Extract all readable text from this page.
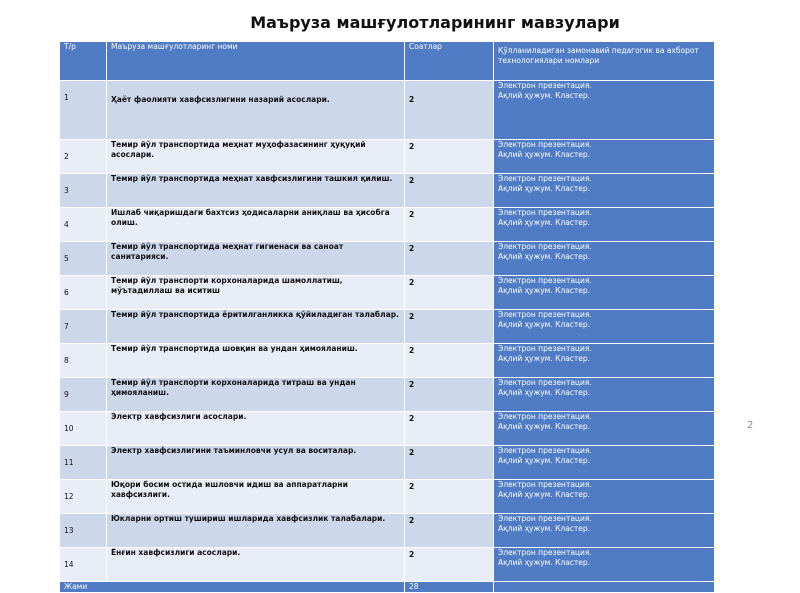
Маъруза машғулотларининг мавзулари
Т/р	Маъруза машғулотларинг номи	Соатлар	Қўлланиладиган замонавий педагогик ва ахборот технологиялари номлари
1	Ҳаёт фаолияти хавфсизлигини назарий асослари.	2	Электрон презентация.
Ақлий ҳужум. Кластер.

2	Темир йўл транспортида меҳнат муҳофазасининг ҳуқуқий асослари.	2	Электрон презентация.
Ақлий ҳужум. Кластер.

3	Темир йўл транспортида меҳнат хавфсизлигини ташкил қилиш.	2	Электрон презентация.
Ақлий ҳужум. Кластер.

4	Ишлаб чиқаришдаги бахтсиз ҳодисаларни аниқлаш ва ҳисобга олиш.	2	Электрон презентация.
Ақлий ҳужум. Кластер.

5	Темир йўл транспортида меҳнат гигиенаси ва саноат санитарияси.	2	Электрон презентация.
Ақлий ҳужум. Кластер.

6	Темир йўл транспорти корхоналарида шамоллатиш, мўътадиллаш ва иситиш	2	Электрон презентация.
Ақлий ҳужум. Кластер.

7	Темир йўл транспортида ёритилганликка қўйиладиган талаблар.	2	Электрон презентация.
Ақлий ҳужум. Кластер.

8	Темир йўл транспортида шовқин ва ундан ҳимояланиш.	2	Электрон презентация.
Ақлий ҳужум. Кластер.

9	Темир йўл транспорти корхоналарида титраш ва ундан ҳимояланиш.	2	Электрон презентация.
Ақлий ҳужум. Кластер.

10	Электр хавфсизлиги асослари.	2	Электрон презентация.
Ақлий ҳужум. Кластер.

11	Электр хавфсизлигини таъминловчи усул ва воситалар.	2	Электрон презентация.
Ақлий ҳужум. Кластер.

12	Юқори босим остида ишловчи идиш ва аппаратларни хавфсизлиги.	2	Электрон презентация.
Ақлий ҳужум. Кластер.

13	Юкларни ортиш тушириш ишларида хавфсизлик талабалари.	2	Электрон презентация.
Ақлий ҳужум. Кластер.

14	Ёнғин хавфсизлиги асослари.	2	Электрон презентация.
Ақлий ҳужум. Кластер.

Жами		28	
2
